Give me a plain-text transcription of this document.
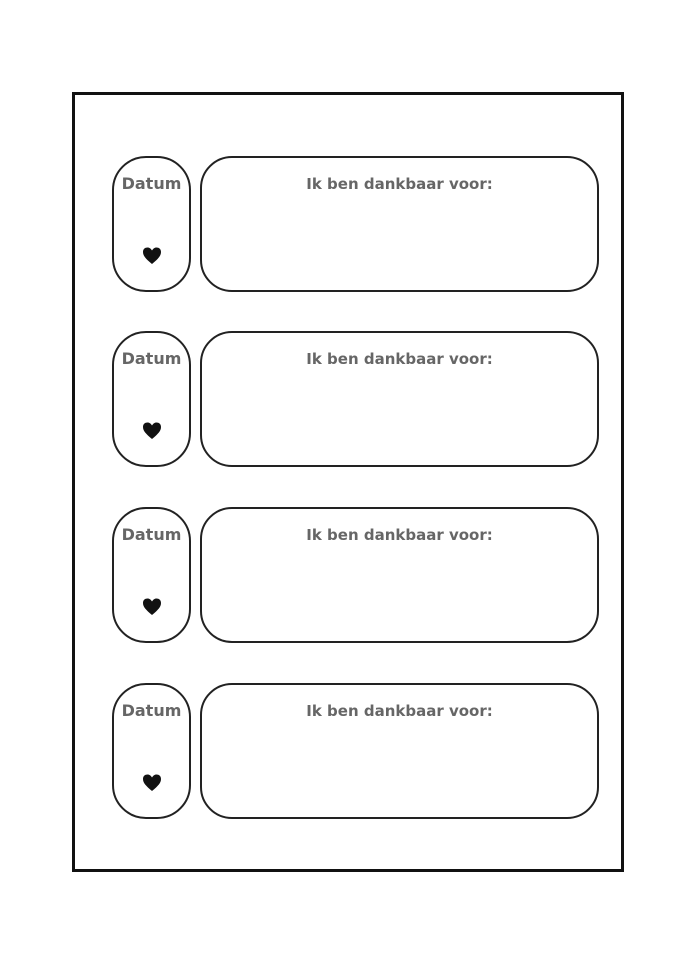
Datum	Ik ben dankbaar voor:
Datum	Ik ben dankbaar voor:
Datum	Ik ben dankbaar voor:
Datum	Ik ben dankbaar voor:
